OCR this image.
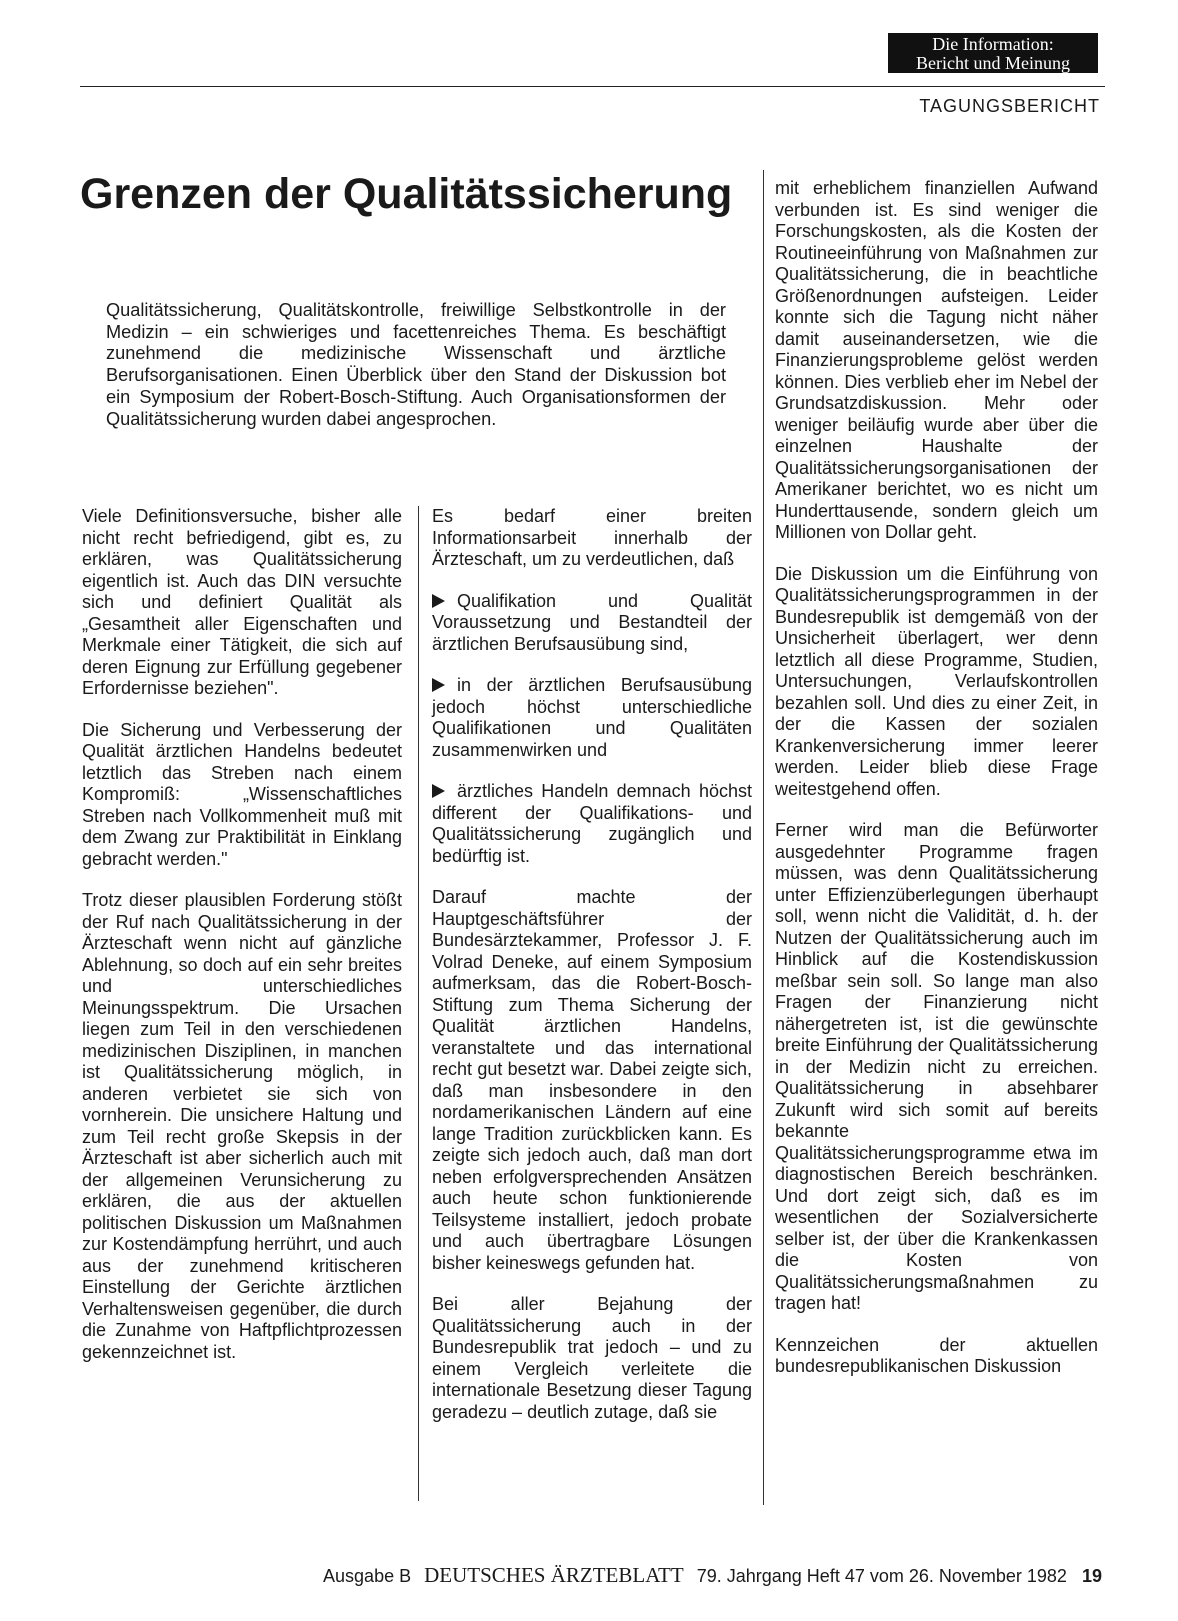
Die Information:
Bericht und Meinung
TAGUNGSBERICHT
Grenzen der Qualitätssicherung

Qualitätssicherung, Qualitätskontrolle, freiwillige Selbstkontrolle in der Medizin – ein schwieriges und facettenreiches Thema. Es beschäftigt zunehmend die medizinische Wissenschaft und ärztliche Berufsorganisationen. Einen Überblick über den Stand der Diskussion bot ein Symposium der Robert-Bosch-Stiftung. Auch Organisationsformen der Qualitätssicherung wurden dabei angesprochen.

Viele Definitionsversuche, bisher alle nicht recht befriedigend, gibt es, zu erklären, was Qualitätssicherung eigentlich ist. Auch das DIN versuchte sich und definiert Qualität als „Gesamtheit aller Eigenschaften und Merkmale einer Tätigkeit, die sich auf deren Eignung zur Erfüllung gegebener Erfordernisse beziehen".

Die Sicherung und Verbesserung der Qualität ärztlichen Handelns bedeutet letztlich das Streben nach einem Kompromiß: „Wissenschaftliches Streben nach Vollkommenheit muß mit dem Zwang zur Praktibilität in Einklang gebracht werden."

Trotz dieser plausiblen Forderung stößt der Ruf nach Qualitätssicherung in der Ärzteschaft wenn nicht auf gänzliche Ablehnung, so doch auf ein sehr breites und unterschiedliches Meinungsspektrum. Die Ursachen liegen zum Teil in den verschiedenen medizinischen Disziplinen, in manchen ist Qualitätssicherung möglich, in anderen verbietet sie sich von vornherein. Die unsichere Haltung und zum Teil recht große Skepsis in der Ärzteschaft ist aber sicherlich auch mit der allgemeinen Verunsicherung zu erklären, die aus der aktuellen politischen Diskussion um Maßnahmen zur Kostendämpfung herrührt, und auch aus der zunehmend kritischeren Einstellung der Gerichte ärztlichen Verhaltensweisen gegenüber, die durch die Zunahme von Haftpflichtprozessen gekennzeichnet ist.

Es bedarf einer breiten Informationsarbeit innerhalb der Ärzteschaft, um zu verdeutlichen, daß

Qualifikation und Qualität Voraussetzung und Bestandteil der ärztlichen Berufsausübung sind,

in der ärztlichen Berufsausübung jedoch höchst unterschiedliche Qualifikationen und Qualitäten zusammenwirken und

ärztliches Handeln demnach höchst different der Qualifikations- und Qualitätssicherung zugänglich und bedürftig ist.

Darauf machte der Hauptgeschäftsführer der Bundesärztekammer, Professor J. F. Volrad Deneke, auf einem Symposium aufmerksam, das die Robert-Bosch-Stiftung zum Thema Sicherung der Qualität ärztlichen Handelns, veranstaltete und das international recht gut besetzt war. Dabei zeigte sich, daß man insbesondere in den nordamerikanischen Ländern auf eine lange Tradition zurückblicken kann. Es zeigte sich jedoch auch, daß man dort neben erfolgversprechenden Ansätzen auch heute schon funktionierende Teilsysteme installiert, jedoch probate und auch übertragbare Lösungen bisher keineswegs gefunden hat.

Bei aller Bejahung der Qualitätssicherung auch in der Bundesrepublik trat jedoch – und zu einem Vergleich verleitete die internationale Besetzung dieser Tagung geradezu – deutlich zutage, daß sie

mit erheblichem finanziellen Aufwand verbunden ist. Es sind weniger die Forschungskosten, als die Kosten der Routineeinführung von Maßnahmen zur Qualitätssicherung, die in beachtliche Größenordnungen aufsteigen. Leider konnte sich die Tagung nicht näher damit auseinandersetzen, wie die Finanzierungsprobleme gelöst werden können. Dies verblieb eher im Nebel der Grundsatzdiskussion. Mehr oder weniger beiläufig wurde aber über die einzelnen Haushalte der Qualitätssicherungsorganisationen der Amerikaner berichtet, wo es nicht um Hunderttausende, sondern gleich um Millionen von Dollar geht.

Die Diskussion um die Einführung von Qualitätssicherungsprogrammen in der Bundesrepublik ist demgemäß von der Unsicherheit überlagert, wer denn letztlich all diese Programme, Studien, Untersuchungen, Verlaufskontrollen bezahlen soll. Und dies zu einer Zeit, in der die Kassen der sozialen Krankenversicherung immer leerer werden. Leider blieb diese Frage weitestgehend offen.

Ferner wird man die Befürworter ausgedehnter Programme fragen müssen, was denn Qualitätssicherung unter Effizienzüberlegungen überhaupt soll, wenn nicht die Validität, d. h. der Nutzen der Qualitätssicherung auch im Hinblick auf die Kostendiskussion meßbar sein soll. So lange man also Fragen der Finanzierung nicht nähergetreten ist, ist die gewünschte breite Einführung der Qualitätssicherung in der Medizin nicht zu erreichen. Qualitätssicherung in absehbarer Zukunft wird sich somit auf bereits bekannte Qualitätssicherungsprogramme etwa im diagnostischen Bereich beschränken. Und dort zeigt sich, daß es im wesentlichen der Sozialversicherte selber ist, der über die Krankenkassen die Kosten von Qualitätssicherungsmaßnahmen zu tragen hat!

Kennzeichen der aktuellen bundesrepublikanischen Diskussion

Ausgabe B DEUTSCHES ÄRZTEBLATT 79. Jahrgang Heft 47 vom 26. November 1982 19
